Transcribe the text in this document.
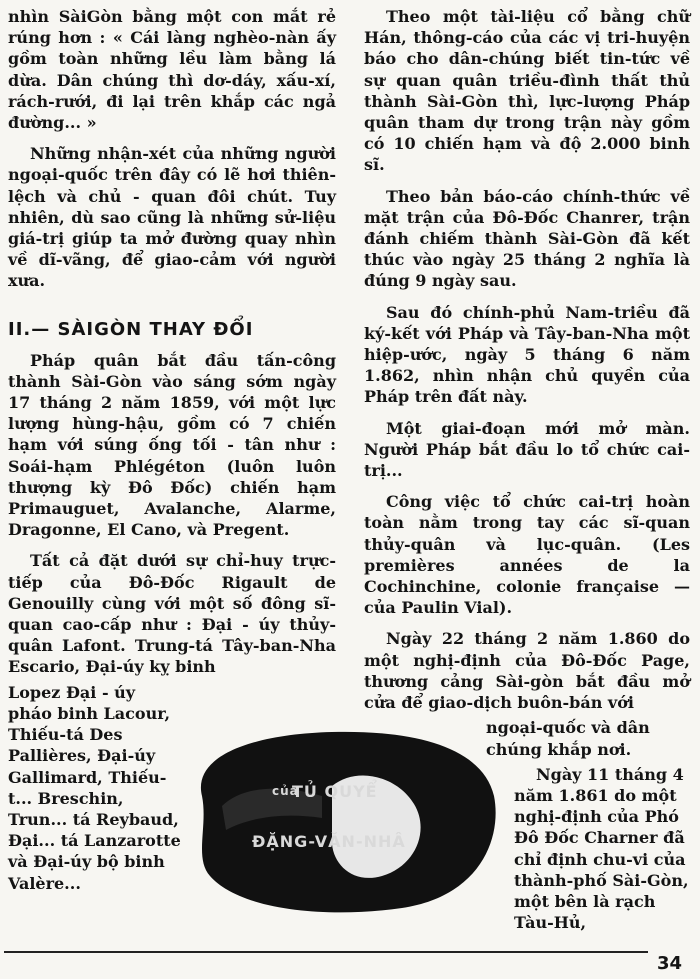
nhìn SàiGòn bằng một con mắt rẻ rúng hơn : « Cái làng nghèo-nàn ấy gồm toàn những lều làm bằng lá dừa. Dân chúng thì dơ-dáy, xấu-xí, rách-rưới, đi lại trên khắp các ngả đường... »

Những nhận-xét của những người ngoại-quốc trên đây có lẽ hơi thiên-lệch và chủ - quan đôi chút. Tuy nhiên, dù sao cũng là những sử-liệu giá-trị giúp ta mở đường quay nhìn về dĩ-vãng, để giao-cảm với người xưa.

II.— SÀIGÒN THAY ĐỔI

Pháp quân bắt đầu tấn-công thành Sài-Gòn vào sáng sớm ngày 17 tháng 2 năm 1859, với một lực lượng hùng-hậu, gồm có 7 chiến hạm với súng ống tối - tân như : Soái-hạm Phlégéton (luôn luôn thượng kỳ Đô Đốc) chiến hạm Primauguet, Avalanche, Alarme, Dragonne, El Cano, và Pregent.

Tất cả đặt dưới sự chỉ-huy trực-tiếp của Đô-Đốc Rigault de Genouilly cùng với một số đông sĩ-quan cao-cấp như : Đại - úy thủy-quân Lafont. Trung-tá Tây-ban-Nha Escario, Đại-úy kỵ binh

Lopez Đại - úy pháo binh Lacour, Thiếu-tá Des Pallières, Đại-úy Gallimard, Thiếu-t... Breschin, Trun... tá Reybaud, Đại... tá Lanzarotte và Đại-úy bộ binh Valère...

Theo một tài-liệu cổ bằng chữ Hán, thông-cáo của các vị tri-huyện báo cho dân-chúng biết tin-tức về sự quan quân triều-đình thất thủ thành Sài-Gòn thì, lực-lượng Pháp quân tham dự trong trận này gồm có 10 chiến hạm và độ 2.000 binh sĩ.

Theo bản báo-cáo chính-thức về mặt trận của Đô-Đốc Chanrer, trận đánh chiếm thành Sài-Gòn đã kết thúc vào ngày 25 tháng 2 nghĩa là đúng 9 ngày sau.

Sau đó chính-phủ Nam-triều đã ký-kết với Pháp và Tây-ban-Nha một hiệp-ước, ngày 5 tháng 6 năm 1.862, nhìn nhận chủ quyền của Pháp trên đất này.

Một giai-đoạn mới mở màn. Người Pháp bắt đầu lo tổ chức cai-trị...

Công việc tổ chức cai-trị hoàn toàn nằm trong tay các sĩ-quan thủy-quân và lục-quân. (Les premières années de la Cochinchine, colonie française — của Paulin Vial).

Ngày 22 tháng 2 năm 1.860 do một nghị-định của Đô-Đốc Page, thương cảng Sài-gòn bắt đầu mở cửa để giao-dịch buôn-bán với

ngoại-quốc và dân chúng khắp nơi.

Ngày 11 tháng 4 năm 1.861 do một nghị-định của Phó Đô Đốc Charner đã chỉ định chu-vi của thành-phố Sài-Gòn, một bên là rạch Tàu-Hủ,

của
TỦ QUYỂ
ĐẶNG-VĂN-NHÂ
34
